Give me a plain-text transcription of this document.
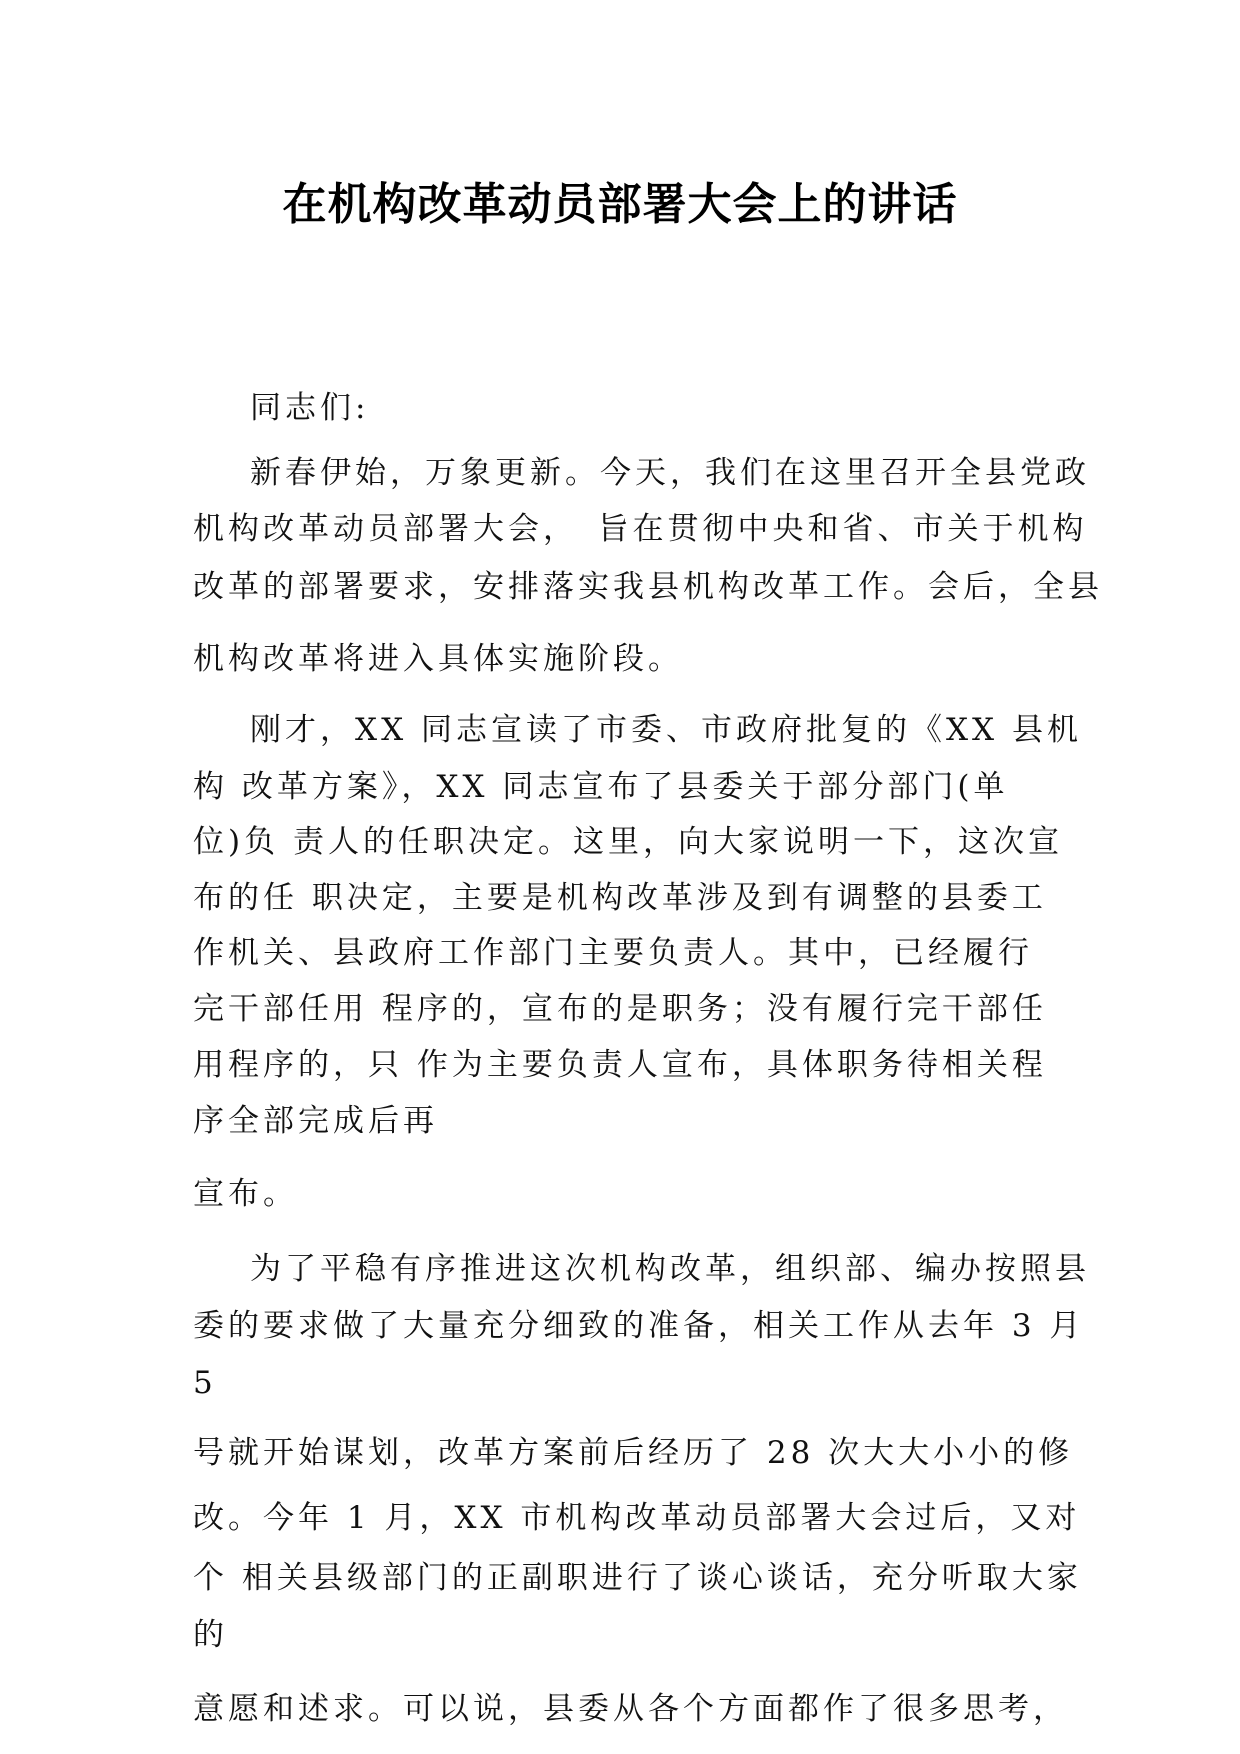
在机构改革动员部署大会上的讲话
同志们:
新春伊始，万象更新。今天，我们在这里召开全县党政
机构改革动员部署大会，　旨在贯彻中央和省、市关于机构
改革的部署要求，安排落实我县机构改革工作。会后，全县
机构改革将进入具体实施阶段。
刚才，XX 同志宣读了市委、市政府批复的《XX 县机
构 改革方案》，XX 同志宣布了县委关于部分部门(单
位)负 责人的任职决定。这里，向大家说明一下，这次宣
布的任 职决定，主要是机构改革涉及到有调整的县委工
作机关、县政府工作部门主要负责人。其中，已经履行
完干部任用 程序的，宣布的是职务；没有履行完干部任
用程序的，只 作为主要负责人宣布，具体职务待相关程
序全部完成后再
宣布。
为了平稳有序推进这次机构改革，组织部、编办按照县
委的要求做了大量充分细致的准备，相关工作从去年 3 月
5
号就开始谋划，改革方案前后经历了 28 次大大小小的修
改。今年 1 月，XX 市机构改革动员部署大会过后，又对
个 相关县级部门的正副职进行了谈心谈话，充分听取大家
的
意愿和述求。可以说，县委从各个方面都作了很多思考，
